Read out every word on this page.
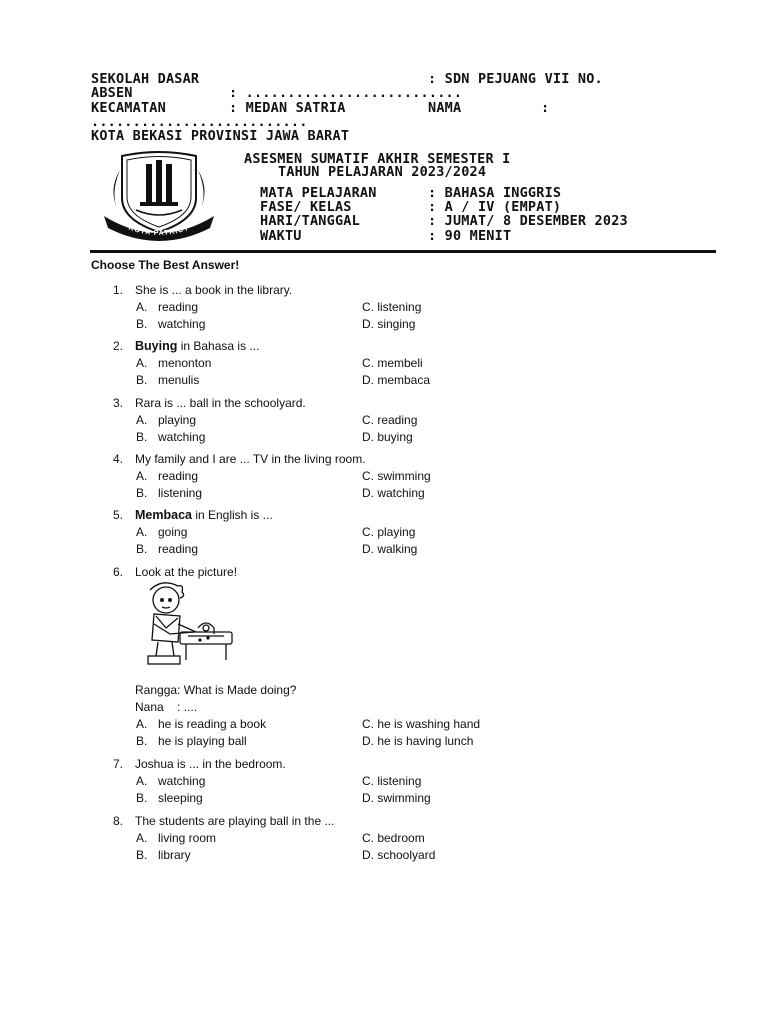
SEKOLAH DASAR	: SDN PEJUANG VII NO.
ABSEN	: ..........................
KECAMATAN	: MEDAN SATRIA	NAMA	:
..........................
KOTA BEKASI PROVINSI JAWA BARAT
KOTA PATRIOT
ASESMEN SUMATIF AKHIR SEMESTER I
TAHUN PELAJARAN 2023/2024
MATA PELAJARAN	: BAHASA INGGRIS
FASE/ KELAS	: A / IV (EMPAT)
HARI/TANGGAL	: JUMAT/ 8 DESEMBER 2023
WAKTU	: 90 MENIT
Choose The Best Answer!
1. She is ... a book in the library.
A. reading	C. listening
B. watching	D. singing
2. Buying in Bahasa is ...
A. menonton	C. membeli
B. menulis	D. membaca
3. Rara is ... ball in the schoolyard.
A. playing	C. reading
B. watching	D. buying
4. My family and I are ... TV in the living room.
A. reading	C. swimming
B. listening	D. watching
5. Membaca in English is ...
A. going	C. playing
B. reading	D. walking
6. Look at the picture!
Rangga: What is Made doing?
Nana    : ....
A. he is reading a book	C. he is washing hand
B. he is playing ball	D. he is having lunch
7. Joshua is ... in the bedroom.
A. watching	C. listening
B. sleeping	D. swimming
8. The students are playing ball in the ...
A. living room	C. bedroom
B. library	D. schoolyard
